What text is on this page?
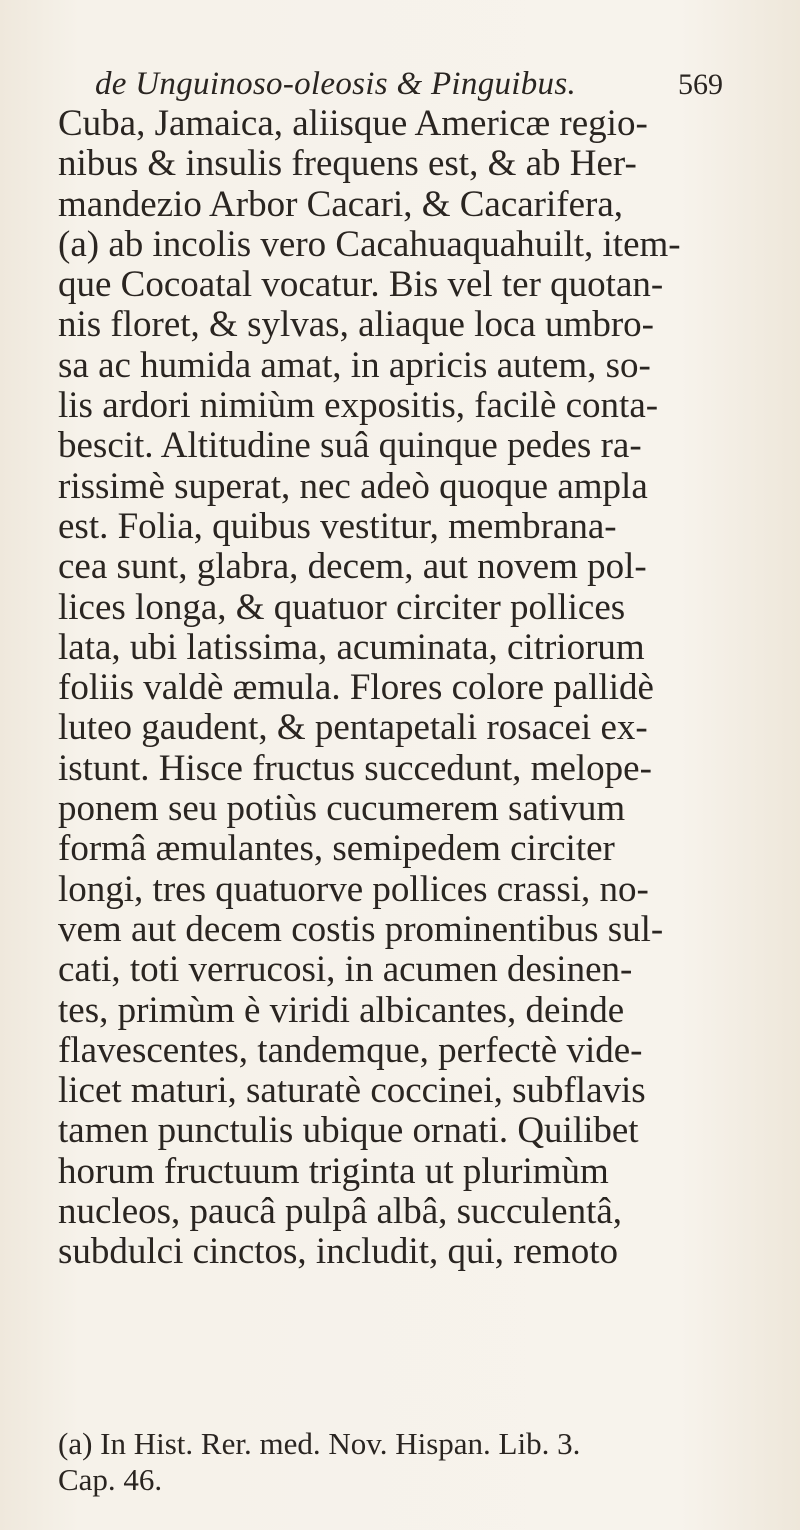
de Unguinoso-oleosis & Pinguibus.	569
Cuba, Jamaica, aliisque Americæ regio-
nibus & insulis frequens est, & ab Her-
mandezio Arbor Cacari, & Cacarifera,
(a) ab incolis vero Cacahuaquahuilt, item-
que Cocoatal vocatur. Bis vel ter quotan-
nis floret, & sylvas, aliaque loca umbro-
sa ac humida amat, in apricis autem, so-
lis ardori nimiùm expositis, facilè conta-
bescit. Altitudine suâ quinque pedes ra-
rissimè superat, nec adeò quoque ampla
est. Folia, quibus vestitur, membrana-
cea sunt, glabra, decem, aut novem pol-
lices longa, & quatuor circiter pollices
lata, ubi latissima, acuminata, citriorum
foliis valdè æmula. Flores colore pallidè
luteo gaudent, & pentapetali rosacei ex-
istunt. Hisce fructus succedunt, melope-
ponem seu potiùs cucumerem sativum
formâ æmulantes, semipedem circiter
longi, tres quatuorve pollices crassi, no-
vem aut decem costis prominentibus sul-
cati, toti verrucosi, in acumen desinen-
tes, primùm è viridi albicantes, deinde
flavescentes, tandemque, perfectè vide-
licet maturi, saturatè coccinei, subflavis
tamen punctulis ubique ornati. Quilibet
horum fructuum triginta ut plurimùm
nucleos, paucâ pulpâ albâ, succulentâ,
subdulci cinctos, includit, qui, remoto
(a) In Hist. Rer. med. Nov. Hispan. Lib. 3.
Cap. 46.
